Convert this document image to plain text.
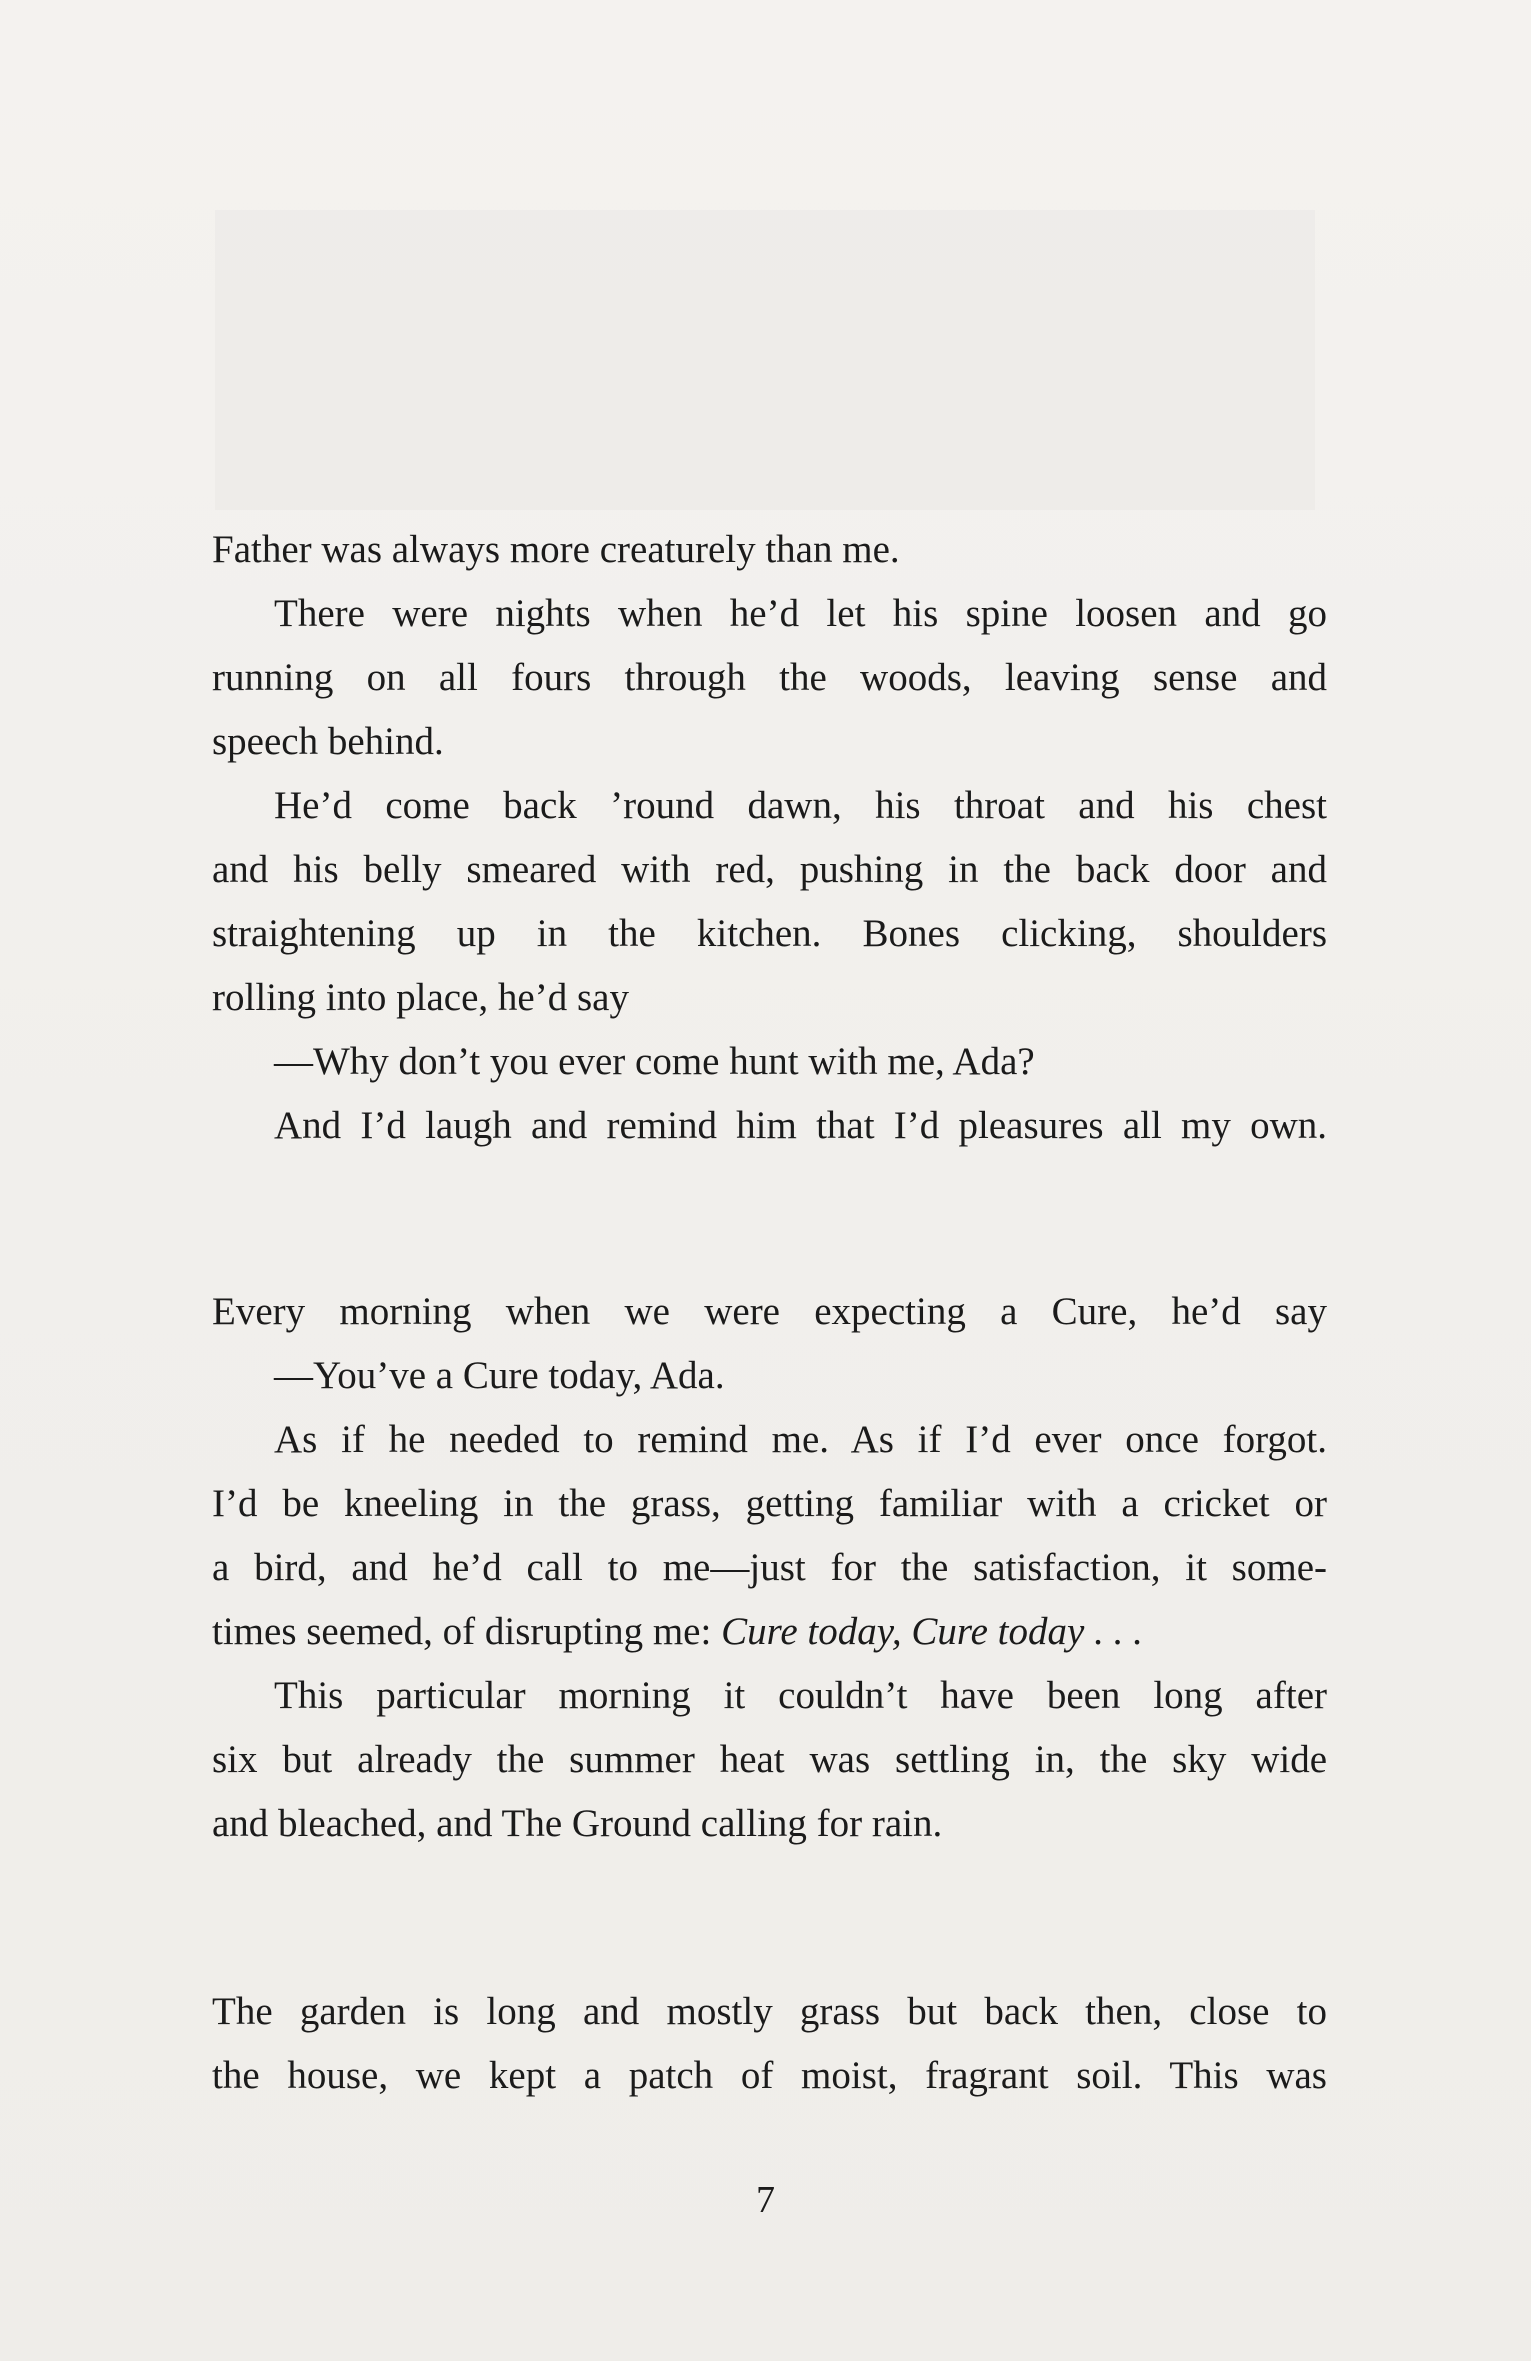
Father was always more creaturely than me.
There were nights when he’d let his spine loosen and go
running on all fours through the woods, leaving sense and
speech behind.
He’d come back ’round dawn, his throat and his chest
and his belly smeared with red, pushing in the back door and
straightening up in the kitchen. Bones clicking, shoulders
rolling into place, he’d say
—Why don’t you ever come hunt with me, Ada?
And I’d laugh and remind him that I’d pleasures all my own.
Every morning when we were expecting a Cure, he’d say
—You’ve a Cure today, Ada.
As if he needed to remind me. As if I’d ever once forgot.
I’d be kneeling in the grass, getting familiar with a cricket or
a bird, and he’d call to me—just for the satisfaction, it some-
times seemed, of disrupting me: Cure today, Cure today . . .
This particular morning it couldn’t have been long after
six but already the summer heat was settling in, the sky wide
and bleached, and The Ground calling for rain.
The garden is long and mostly grass but back then, close to
the house, we kept a patch of moist, fragrant soil. This was
7
